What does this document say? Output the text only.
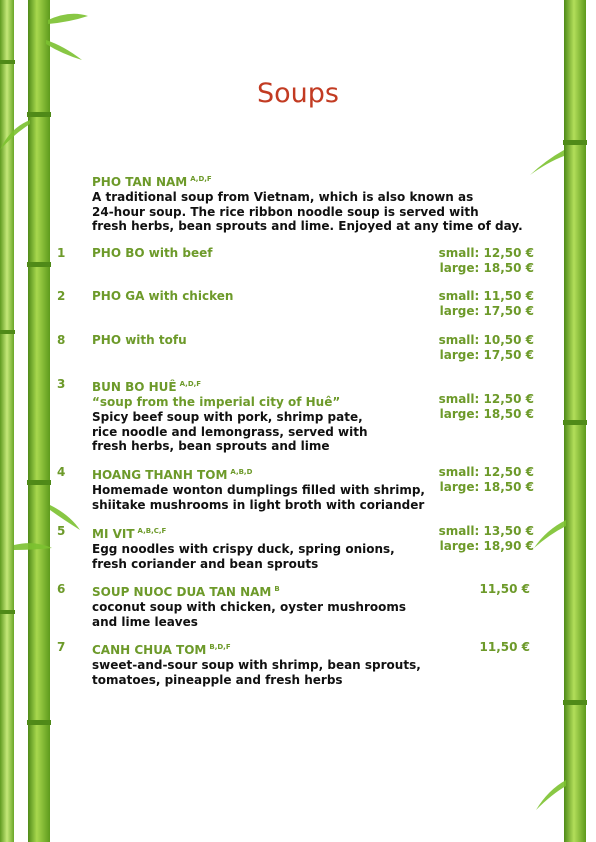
Soups
PHO TAN NAM $^{A,D,F}$
A traditional soup from Vietnam, which is also known as
24-hour soup. The rice ribbon noodle soup is served with
fresh herbs, bean sprouts and lime. Enjoyed at any time of day.
1 PHO BO with beef	small: 12,50 €
large: 18,50 €
2 PHO GA with chicken	small: 11,50 €
large: 17,50 €
8 PHO with tofu	small: 10,50 €
large: 17,50 €
3 BUN BO HUÊ $^{A,D,F}$
“soup from the imperial city of Huê”
Spicy beef soup with pork, shrimp pate,
rice noodle and lemongrass, served with
fresh herbs, bean sprouts and lime
small: 12,50 €
large: 18,50 €
4 HOANG THANH TOM $^{A,B,D}$
Homemade wonton dumplings filled with shrimp,
shiitake mushrooms in light broth with coriander
small: 12,50 €
large: 18,50 €
5 MI VIT $^{A,B,C,F}$
Egg noodles with crispy duck, spring onions,
fresh coriander and bean sprouts
small: 13,50 €
large: 18,90 €
6 SOUP NUOC DUA TAN NAM $^B$
coconut soup with chicken, oyster mushrooms
and lime leaves
11,50 €
7 CANH CHUA TOM $^{B,D,F}$
sweet-and-sour soup with shrimp, bean sprouts,
tomatoes, pineapple and fresh herbs
11,50 €
